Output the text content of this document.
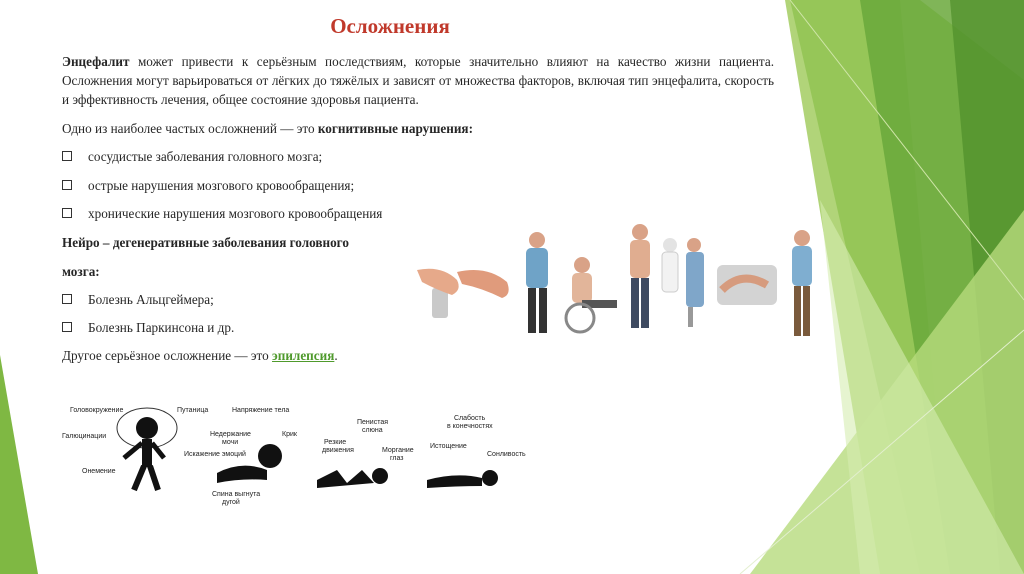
Осложнения

Энцефалит может привести к серьёзным последствиям, которые значительно влияют на качество жизни пациента. Осложнения могут варьироваться от лёгких до тяжёлых и зависят от множества факторов, включая тип энцефалита, скорость и эффективность лечения, общее состояние здоровья пациента.

Одно из наиболее частых осложнений — это когнитивные нарушения:
сосудистые заболевания головного мозга;
острые нарушения мозгового кровообращения;
хронические нарушения мозгового кровообращения
Нейро – дегенеративные заболевания головного
мозга:
Болезнь Альцгеймера;
Болезнь Паркинсона и др.
Другое серьёзное осложнение — это эпилепсия.
Головокружение	Путаница
Галюцинации
Онемение
Искажение эмоций
Напряжение тела
Недержание
мочи
Крик
Спина выгнута
дугой
Пенистая
слюна
Резкие
движения	Моргание
глаз
Слабость
в конечностях
Истощение
Сонливость
